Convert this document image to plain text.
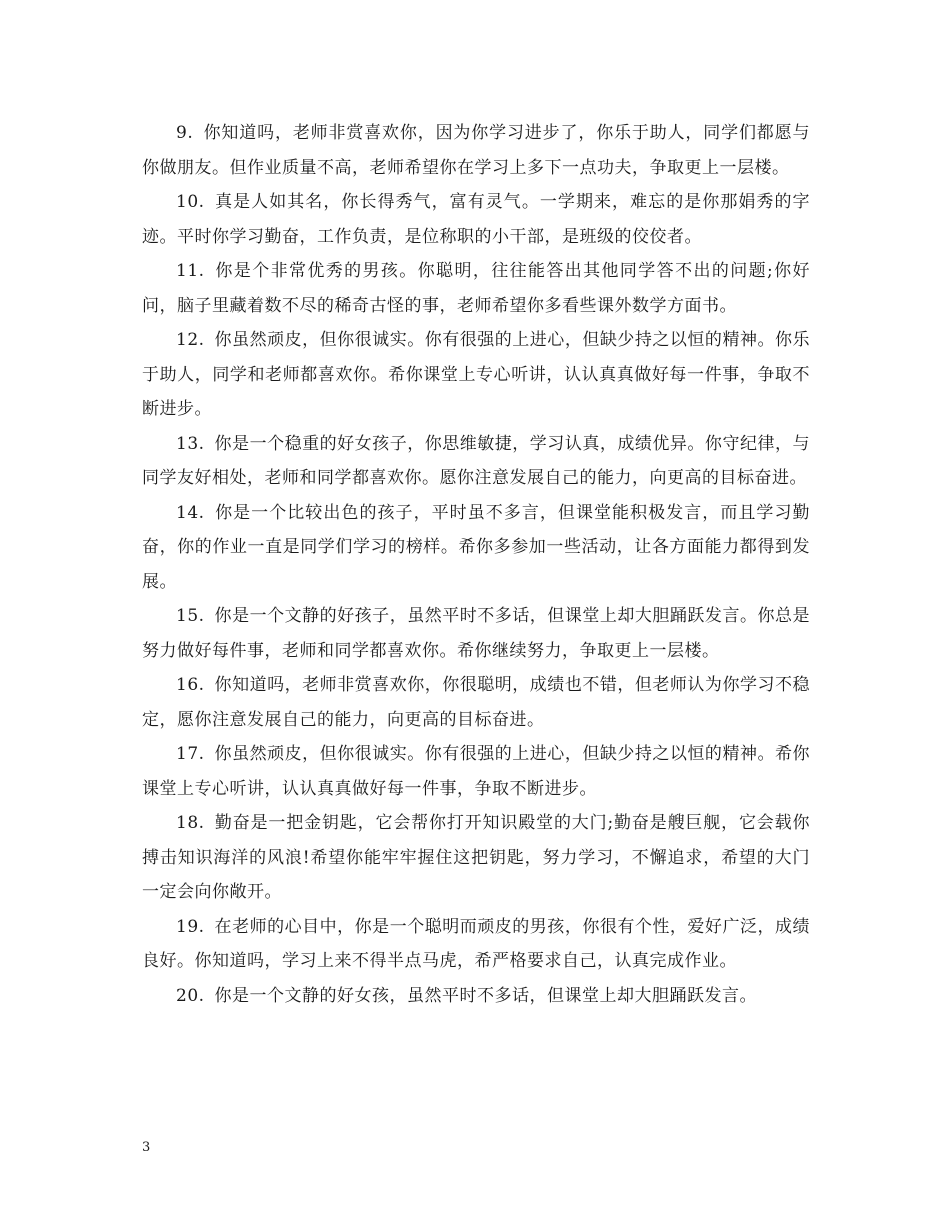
9. 你知道吗，老师非赏喜欢你，因为你学习进步了，你乐于助人，同学们都愿与你做朋友。但作业质量不高，老师希望你在学习上多下一点功夫，争取更上一层楼。

10. 真是人如其名，你长得秀气，富有灵气。一学期来，难忘的是你那娟秀的字迹。平时你学习勤奋，工作负责，是位称职的小干部，是班级的佼佼者。

11. 你是个非常优秀的男孩。你聪明，往往能答出其他同学答不出的问题;你好问，脑子里藏着数不尽的稀奇古怪的事，老师希望你多看些课外数学方面书。

12. 你虽然顽皮，但你很诚实。你有很强的上进心，但缺少持之以恒的精神。你乐于助人，同学和老师都喜欢你。希你课堂上专心听讲，认认真真做好每一件事，争取不断进步。

13. 你是一个稳重的好女孩子，你思维敏捷，学习认真，成绩优异。你守纪律，与同学友好相处，老师和同学都喜欢你。愿你注意发展自己的能力，向更高的目标奋进。

14. 你是一个比较出色的孩子，平时虽不多言，但课堂能积极发言，而且学习勤奋，你的作业一直是同学们学习的榜样。希你多参加一些活动，让各方面能力都得到发展。

15. 你是一个文静的好孩子，虽然平时不多话，但课堂上却大胆踊跃发言。你总是努力做好每件事，老师和同学都喜欢你。希你继续努力，争取更上一层楼。

16. 你知道吗，老师非赏喜欢你，你很聪明，成绩也不错，但老师认为你学习不稳定，愿你注意发展自己的能力，向更高的目标奋进。

17. 你虽然顽皮，但你很诚实。你有很强的上进心，但缺少持之以恒的精神。希你课堂上专心听讲，认认真真做好每一件事，争取不断进步。

18. 勤奋是一把金钥匙，它会帮你打开知识殿堂的大门;勤奋是艘巨舰，它会载你搏击知识海洋的风浪!希望你能牢牢握住这把钥匙，努力学习，不懈追求，希望的大门一定会向你敞开。

19. 在老师的心目中，你是一个聪明而顽皮的男孩，你很有个性，爱好广泛，成绩良好。你知道吗，学习上来不得半点马虎，希严格要求自己，认真完成作业。

20. 你是一个文静的好女孩，虽然平时不多话，但课堂上却大胆踊跃发言。

3
